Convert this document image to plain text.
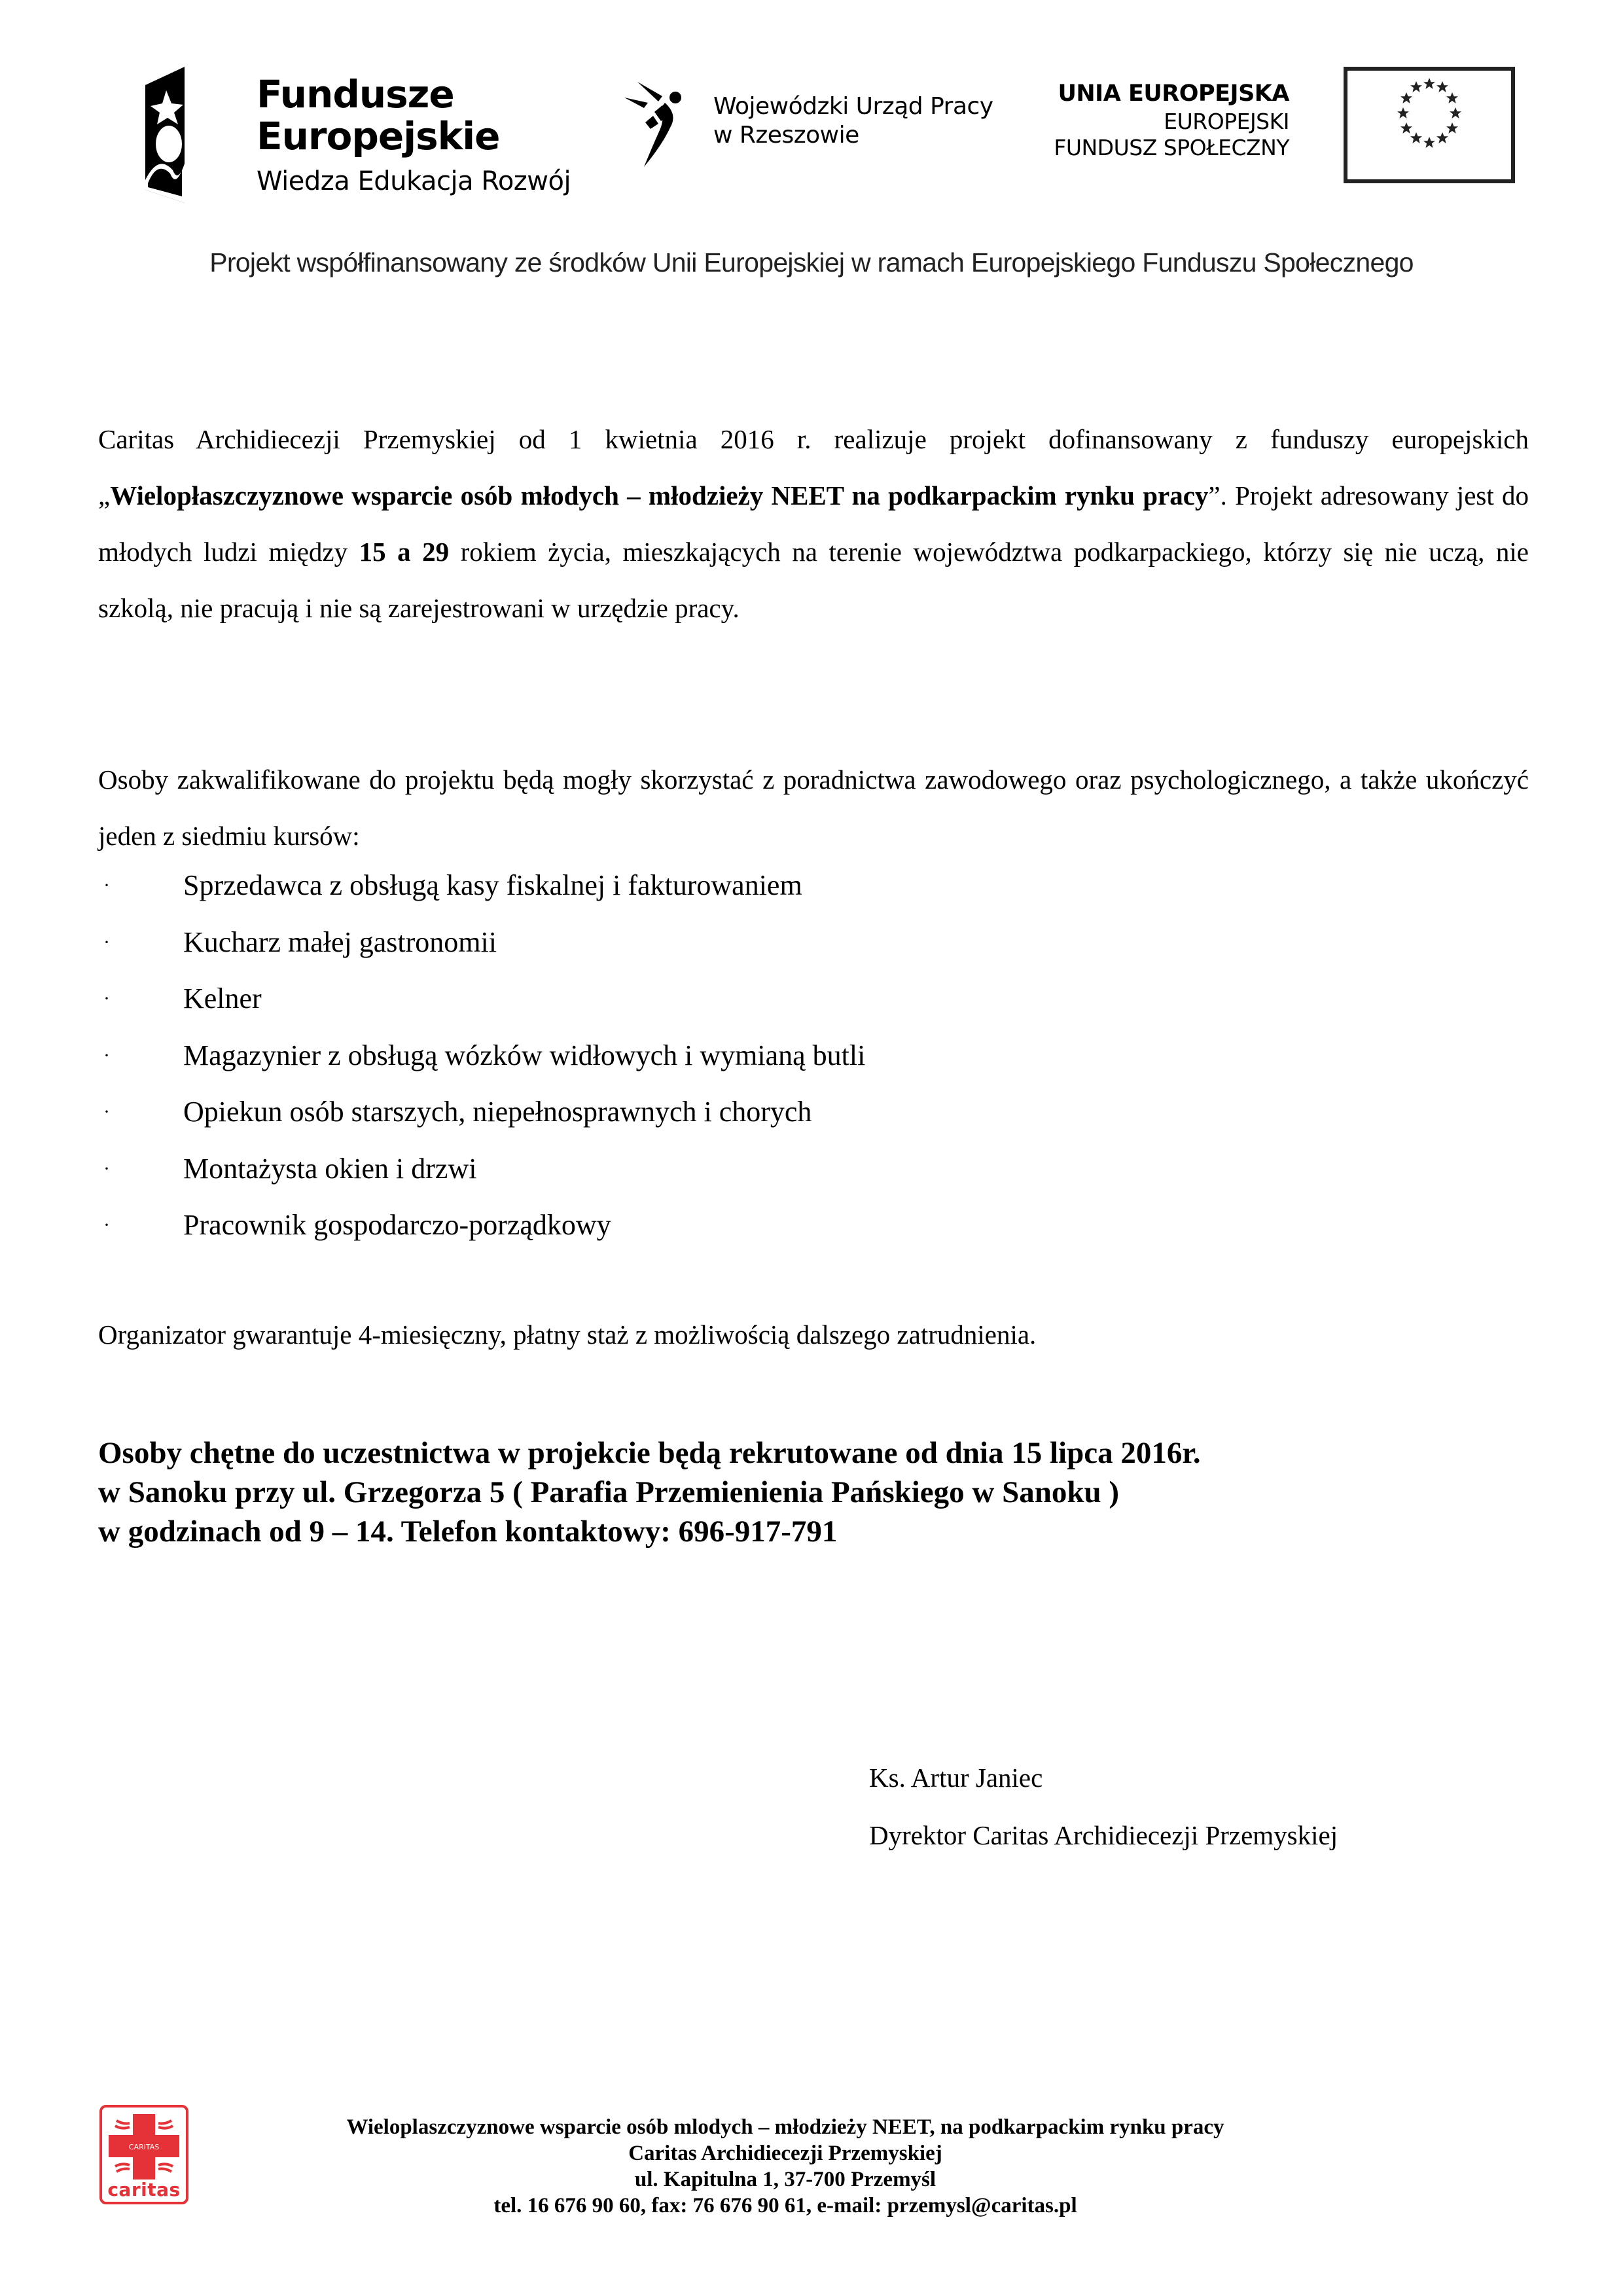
Fundusze
Europejskie
Wiedza Edukacja Rozwój
Wojewódzki Urząd Pracy
w Rzeszowie
UNIA EUROPEJSKA
EUROPEJSKI
FUNDUSZ SPOŁECZNY
Projekt współfinansowany ze środków Unii Europejskiej w ramach Europejskiego Funduszu Społecznego
Caritas Archidiecezji Przemyskiej od 1 kwietnia 2016 r. realizuje projekt dofinansowany z funduszy europejskich „Wielopłaszczyznowe wsparcie osób młodych – młodzieży NEET na podkarpackim rynku pracy”. Projekt adresowany jest do młodych ludzi między 15 a 29 rokiem życia, mieszkających na terenie województwa podkarpackiego, którzy się nie uczą, nie szkolą, nie pracują i nie są zarejestrowani w urzędzie pracy.
Osoby zakwalifikowane do projektu będą mogły skorzystać z poradnictwa zawodowego oraz psychologicznego, a także ukończyć jeden z siedmiu kursów:
·	Sprzedawca z obsługą kasy fiskalnej i fakturowaniem
·	Kucharz małej gastronomii
·	Kelner
·	Magazynier z obsługą wózków widłowych i wymianą butli
·	Opiekun osób starszych, niepełnosprawnych i chorych
·	Montażysta okien i drzwi
·	Pracownik gospodarczo-porządkowy
Organizator gwarantuje 4-miesięczny, płatny staż z możliwością dalszego zatrudnienia.
Osoby chętne do uczestnictwa w projekcie będą rekrutowane od dnia 15 lipca 2016r.
w Sanoku przy ul. Grzegorza 5 ( Parafia Przemienienia Pańskiego w Sanoku )
w godzinach od 9 – 14. Telefon kontaktowy: 696-917-791
Ks. Artur Janiec
Dyrektor Caritas Archidiecezji Przemyskiej
CARITAS
caritas
Wieloplaszczyznowe wsparcie osób mlodych – młodzieży NEET, na podkarpackim rynku pracy
Caritas Archidiecezji Przemyskiej
ul. Kapitulna 1, 37-700 Przemyśl
tel. 16 676 90 60, fax: 76 676 90 61, e-mail: przemysl@caritas.pl
